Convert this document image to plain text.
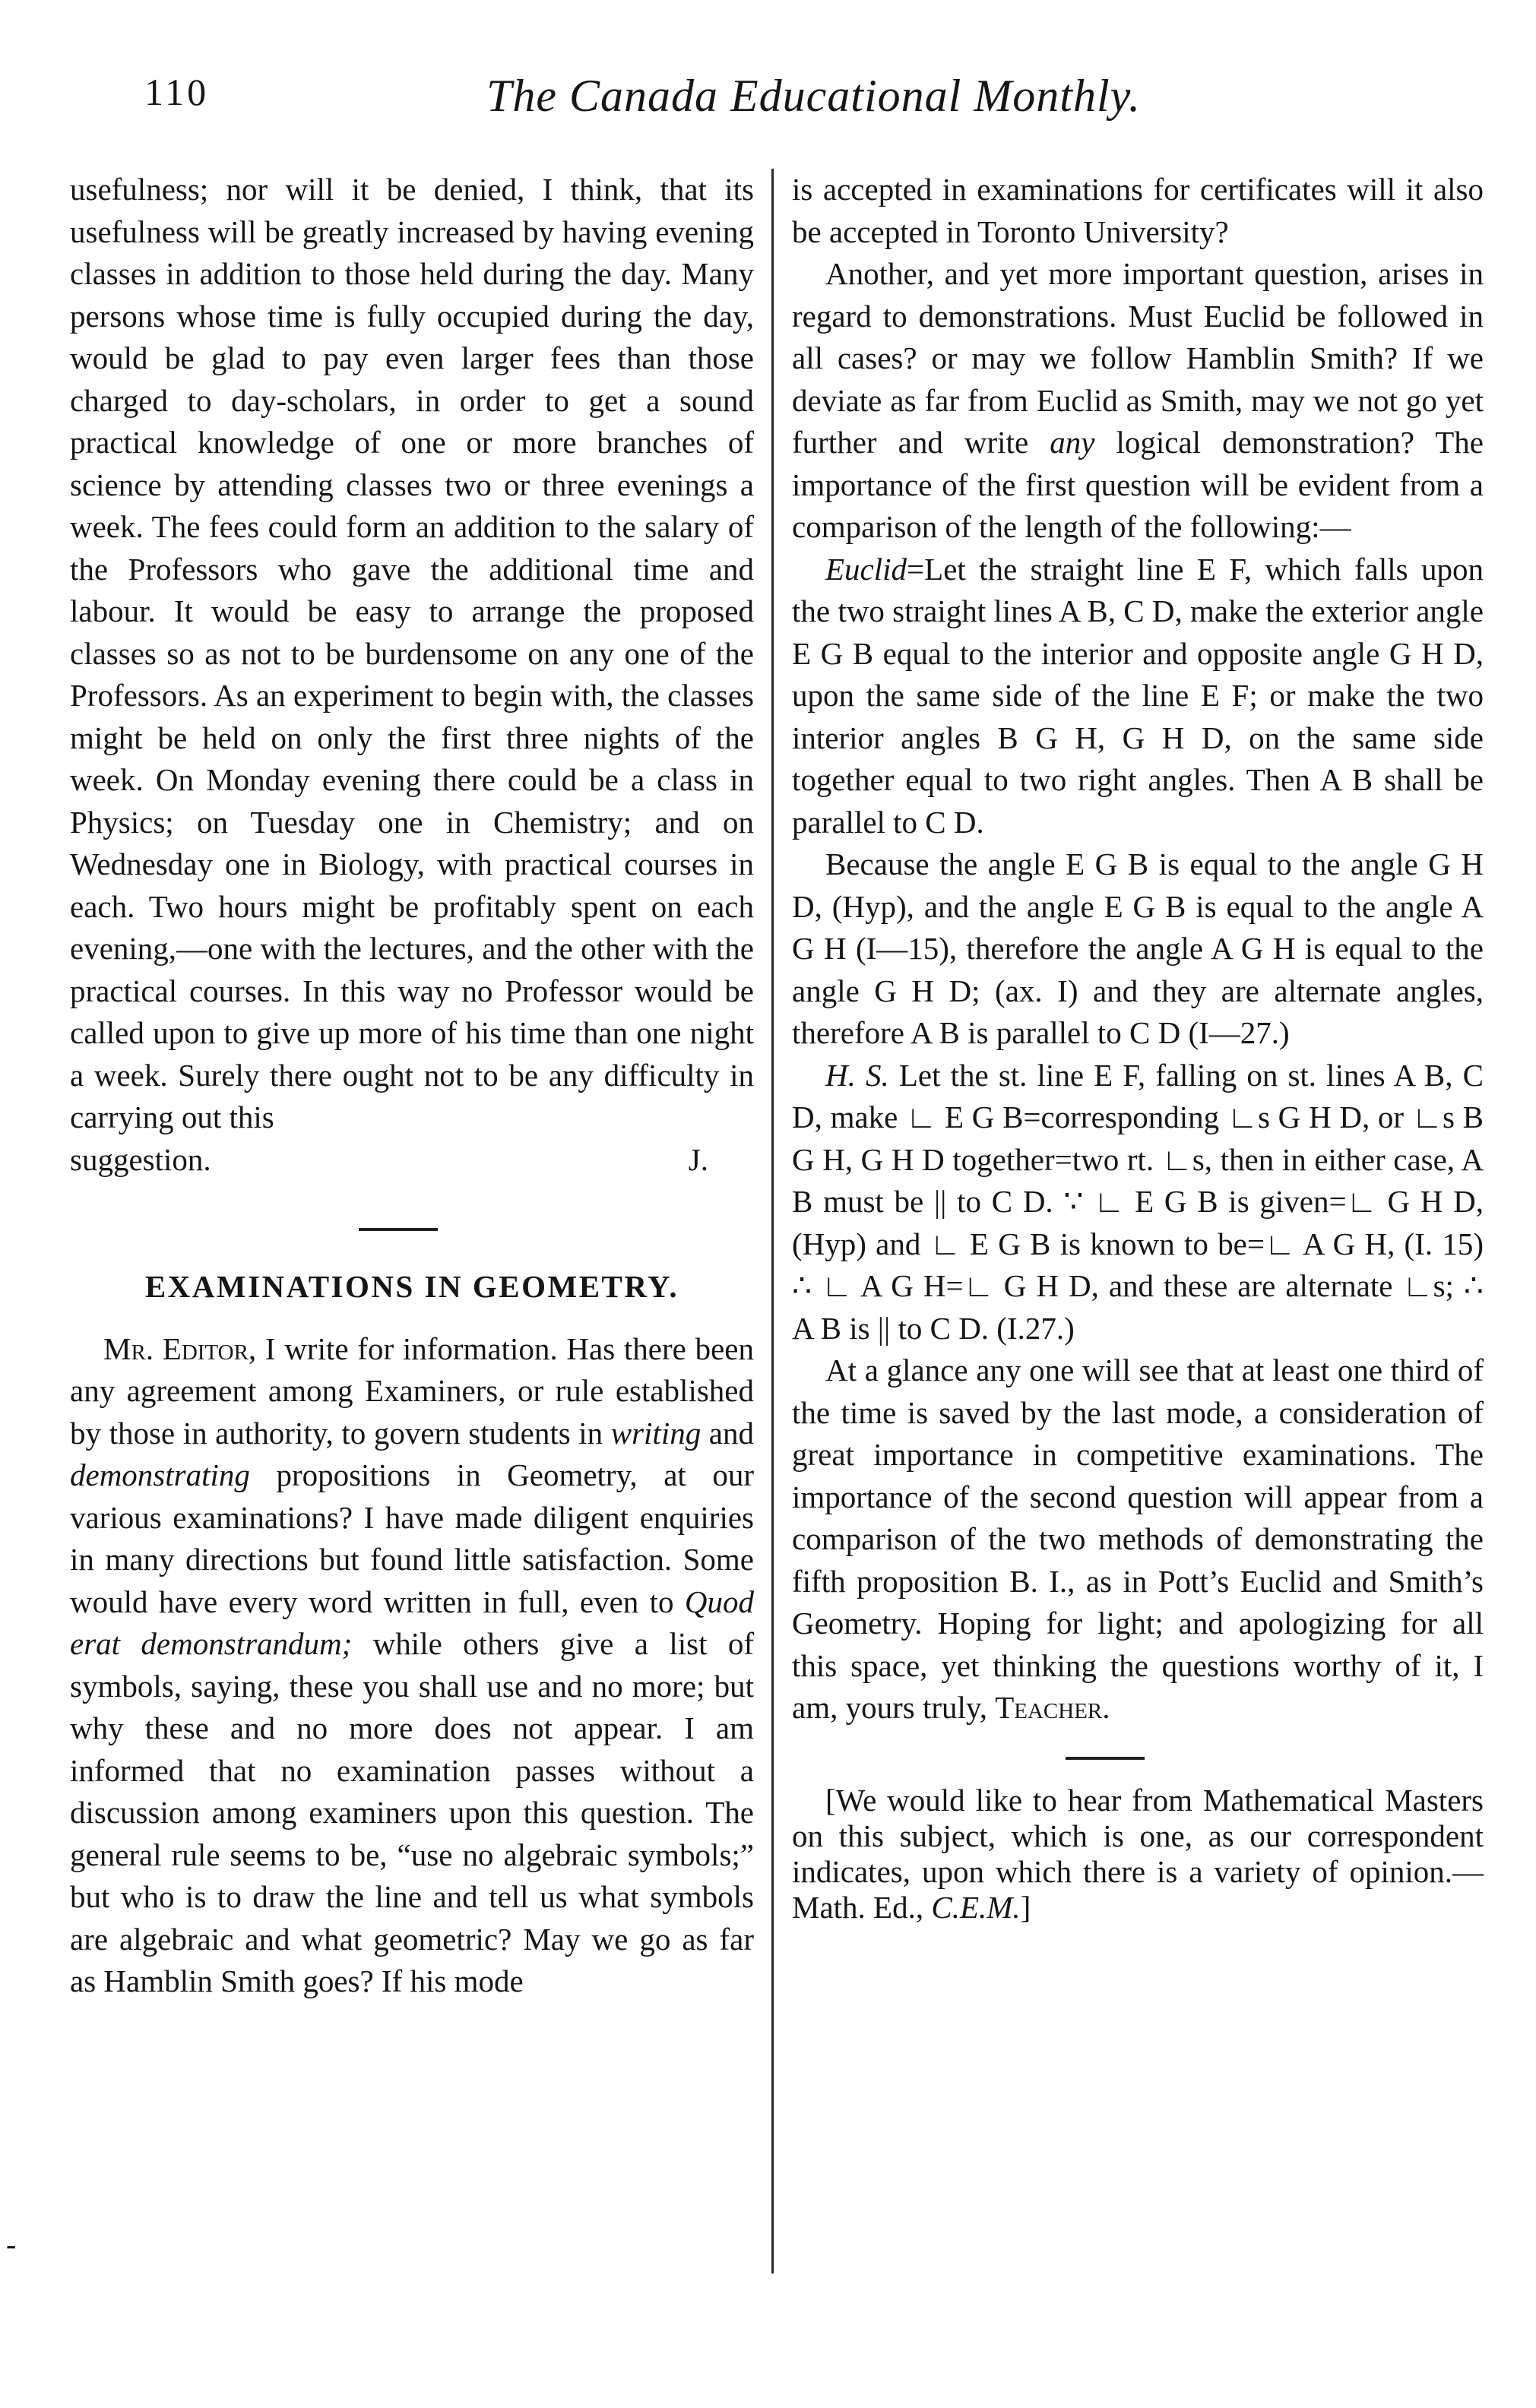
110	The Canada Educational Monthly.

usefulness; nor will it be denied, I think, that its usefulness will be greatly increased by having evening classes in addition to those held during the day. Many persons whose time is fully occupied during the day, would be glad to pay even larger fees than those charged to day-scholars, in order to get a sound practical knowledge of one or more branches of science by attending classes two or three evenings a week. The fees could form an addition to the salary of the Professors who gave the additional time and labour. It would be easy to arrange the proposed classes so as not to be burdensome on any one of the Professors. As an experiment to begin with, the classes might be held on only the first three nights of the week. On Monday evening there could be a class in Physics; on Tuesday one in Chemistry; and on Wednesday one in Biology, with practical courses in each. Two hours might be profitably spent on each evening,—one with the lectures, and the other with the practical courses. In this way no Professor would be called upon to give up more of his time than one night a week. Surely there ought not to be any difficulty in carrying out this

suggestion.	J.

EXAMINATIONS IN GEOMETRY.

Mr. Editor, I write for information. Has there been any agreement among Examiners, or rule established by those in authority, to govern students in writing and demonstrating propositions in Geometry, at our various examinations? I have made diligent enquiries in many directions but found little satisfaction. Some would have every word written in full, even to Quod erat demonstrandum; while others give a list of symbols, saying, these you shall use and no more; but why these and no more does not appear. I am informed that no examination passes without a discussion among examiners upon this question. The general rule seems to be, “use no algebraic symbols;” but who is to draw the line and tell us what symbols are algebraic and what geometric? May we go as far as Hamblin Smith goes? If his mode

is accepted in examinations for certificates will it also be accepted in Toronto University?

Another, and yet more important question, arises in regard to demonstrations. Must Euclid be followed in all cases? or may we follow Hamblin Smith? If we deviate as far from Euclid as Smith, may we not go yet further and write any logical demonstration? The importance of the first question will be evident from a comparison of the length of the following:—

Euclid=Let the straight line E F, which falls upon the two straight lines A B, C D, make the exterior angle E G B equal to the interior and opposite angle G H D, upon the same side of the line E F; or make the two interior angles B G H, G H D, on the same side together equal to two right angles. Then A B shall be parallel to C D.

Because the angle E G B is equal to the angle G H D, (Hyp), and the angle E G B is equal to the angle A G H (I—15), therefore the angle A G H is equal to the angle G H D; (ax. I) and they are alternate angles, therefore A B is parallel to C D (I—27.)

H. S. Let the st. line E F, falling on st. lines A B, C D, make ∟ E G B=corresponding ∟s G H D, or ∟s B G H, G H D together=two rt. ∟s, then in either case, A B must be || to C D. ∵ ∟ E G B is given=∟ G H D, (Hyp) and ∟ E G B is known to be=∟ A G H, (I. 15) ∴ ∟ A G H=∟ G H D, and these are alternate ∟s; ∴ A B is || to C D. (I.27.)

At a glance any one will see that at least one third of the time is saved by the last mode, a consideration of great importance in competitive examinations. The importance of the second question will appear from a comparison of the two methods of demonstrating the fifth proposition B. I., as in Pott’s Euclid and Smith’s Geometry. Hoping for light; and apologizing for all this space, yet thinking the questions worthy of it, I am, yours truly, Teacher.

[We would like to hear from Mathematical Masters on this subject, which is one, as our correspondent indicates, upon which there is a variety of opinion.—Math. Ed., C.E.M.]

-
